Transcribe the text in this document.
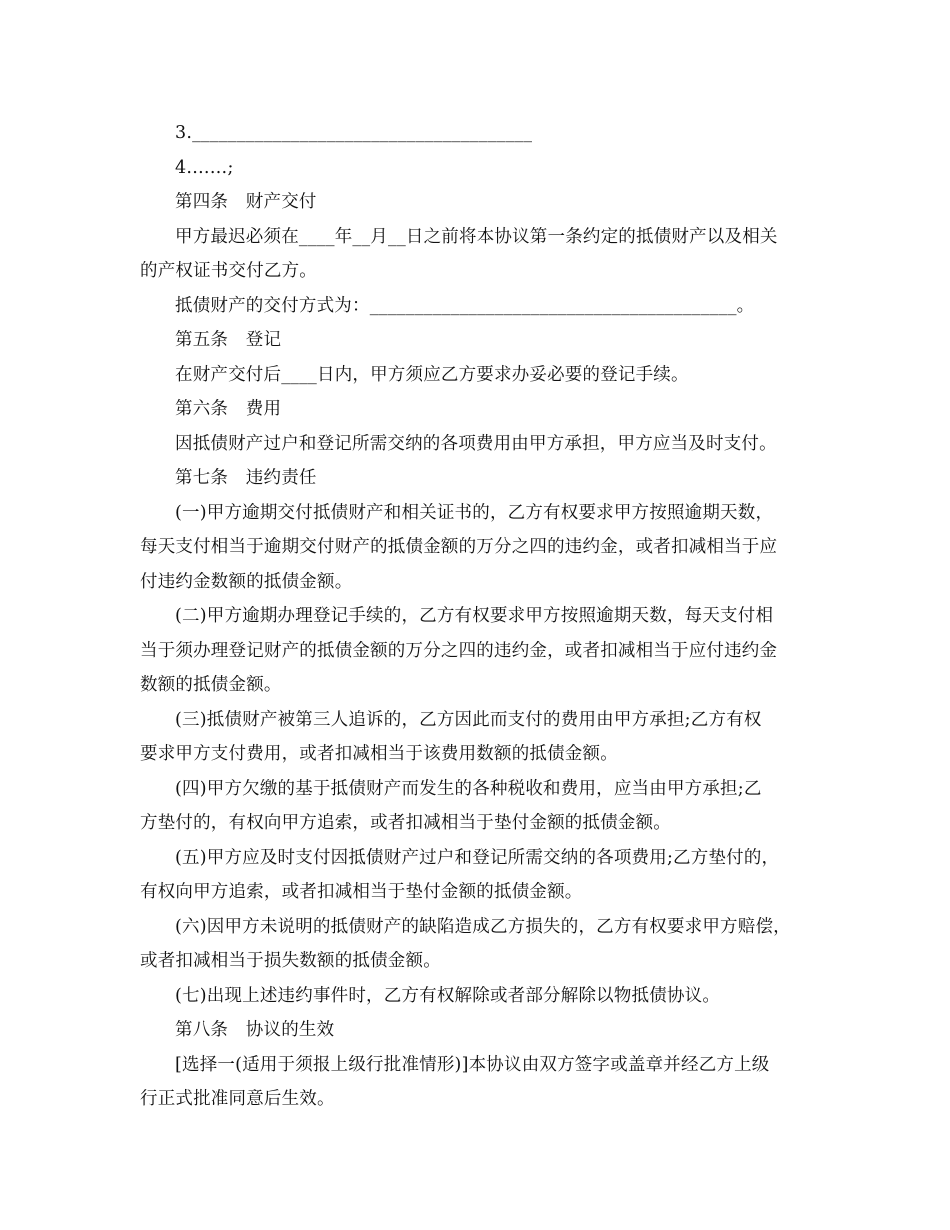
3.______________________________________
4.……;
第四条　财产交付
甲方最迟必须在____年__月__日之前将本协议第一条约定的抵债财产以及相关
的产权证书交付乙方。
抵债财产的交付方式为：_________________________________________。
第五条　登记
在财产交付后____日内，甲方须应乙方要求办妥必要的登记手续。
第六条　费用
因抵债财产过户和登记所需交纳的各项费用由甲方承担，甲方应当及时支付。
第七条　违约责任
(一)甲方逾期交付抵债财产和相关证书的，乙方有权要求甲方按照逾期天数，
每天支付相当于逾期交付财产的抵债金额的万分之四的违约金，或者扣减相当于应
付违约金数额的抵债金额。
(二)甲方逾期办理登记手续的，乙方有权要求甲方按照逾期天数，每天支付相
当于须办理登记财产的抵债金额的万分之四的违约金，或者扣减相当于应付违约金
数额的抵债金额。
(三)抵债财产被第三人追诉的，乙方因此而支付的费用由甲方承担;乙方有权
要求甲方支付费用，或者扣减相当于该费用数额的抵债金额。
(四)甲方欠缴的基于抵债财产而发生的各种税收和费用，应当由甲方承担;乙
方垫付的，有权向甲方追索，或者扣减相当于垫付金额的抵债金额。
(五)甲方应及时支付因抵债财产过户和登记所需交纳的各项费用;乙方垫付的，
有权向甲方追索，或者扣减相当于垫付金额的抵债金额。
(六)因甲方未说明的抵债财产的缺陷造成乙方损失的，乙方有权要求甲方赔偿，
或者扣减相当于损失数额的抵债金额。
(七)出现上述违约事件时，乙方有权解除或者部分解除以物抵债协议。
第八条　协议的生效
[选择一(适用于须报上级行批准情形)]本协议由双方签字或盖章并经乙方上级
行正式批准同意后生效。
